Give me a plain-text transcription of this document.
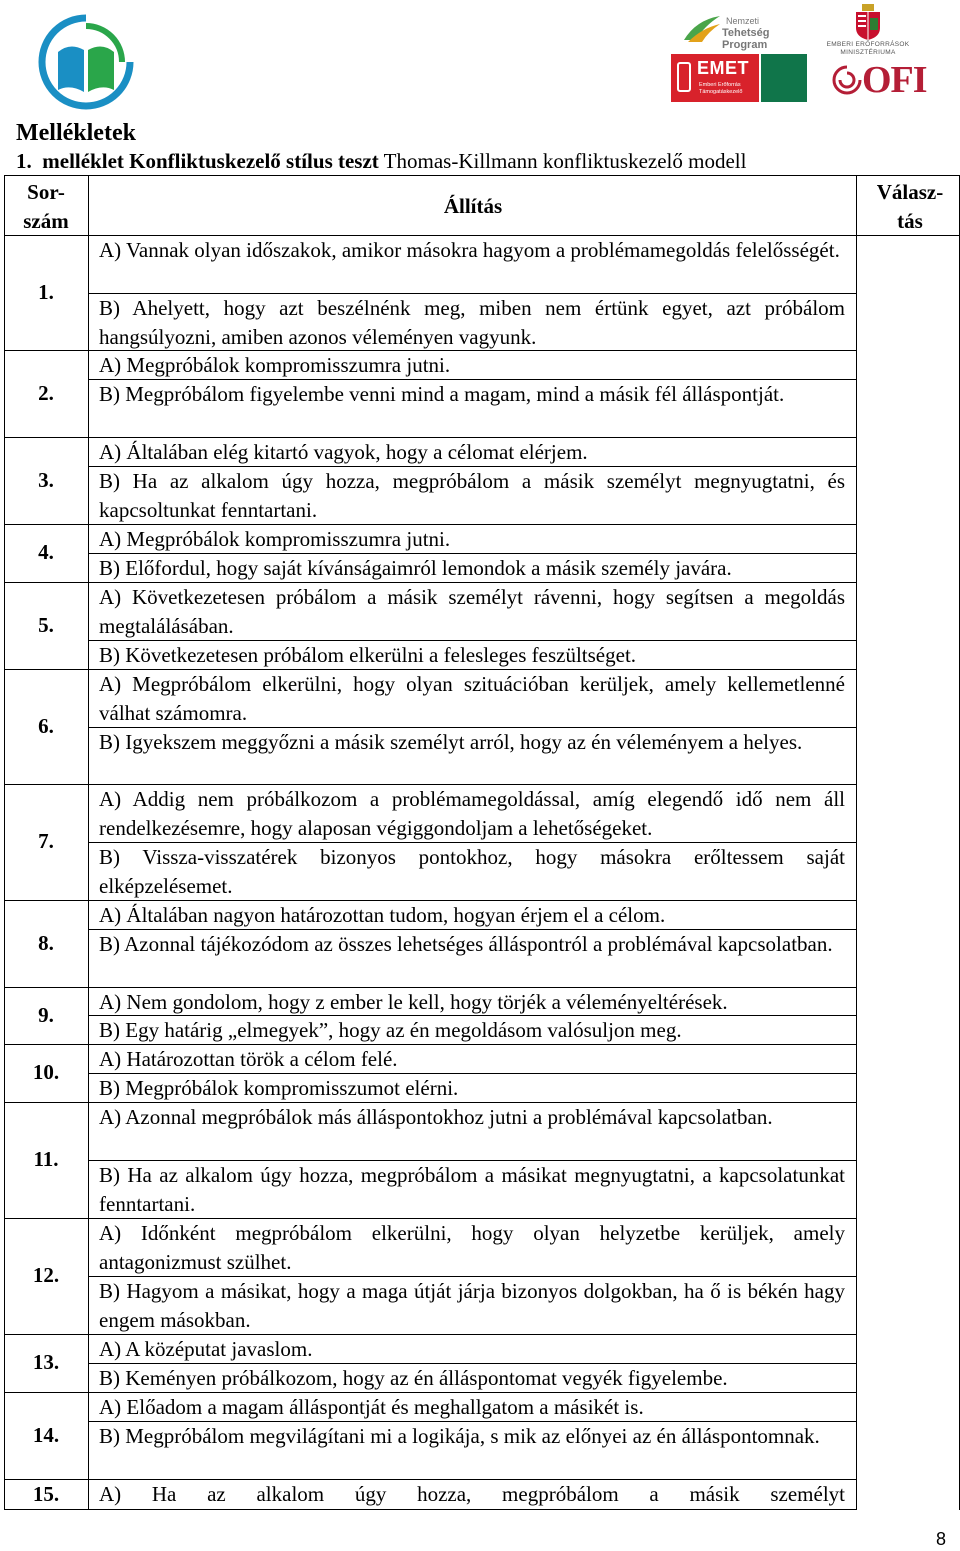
Nemzeti
Tehetség Program
EMET
Emberi Erőforrás Támogatáskezelő
EMBERI ERŐFORRÁSOK MINISZTÉRIUMA
OFI
Mellékletek
1. melléklet Konfliktuskezelő stílus teszt Thomas-Killmann konfliktuskezelő modell
Sor-
szám
Állítás
Válasz-
tás
1.
A) Vannak olyan időszakok, amikor másokra hagyom a problémamegoldás felelősségét.
B) Ahelyett, hogy azt beszélnénk meg, miben nem értünk egyet, azt próbálom hangsúlyozni, amiben azonos véleményen vagyunk.
2.
A) Megpróbálok kompromisszumra jutni.
B) Megpróbálom figyelembe venni mind a magam, mind a másik fél álláspontját.
3.
A) Általában elég kitartó vagyok, hogy a célomat elérjem.
B) Ha az alkalom úgy hozza, megpróbálom a másik személyt megnyugtatni, és kapcsoltunkat fenntartani.
4.
A) Megpróbálok kompromisszumra jutni.
B) Előfordul, hogy saját kívánságaimról lemondok a másik személy javára.
5.
A) Következetesen próbálom a másik személyt rávenni, hogy segítsen a megoldás megtalálásában.
B) Következetesen próbálom elkerülni a felesleges feszültséget.
6.
A) Megpróbálom elkerülni, hogy olyan szituációban kerüljek, amely kellemetlenné válhat számomra.
B) Igyekszem meggyőzni a másik személyt arról, hogy az én véleményem a helyes.
7.
A) Addig nem próbálkozom a problémamegoldással, amíg elegendő idő nem áll rendelkezésemre, hogy alaposan végiggondoljam a lehetőségeket.
B) Vissza-visszatérek bizonyos pontokhoz, hogy másokra erőltessem saját elképzelésemet.
8.
A) Általában nagyon határozottan tudom, hogyan érjem el a célom.
B) Azonnal tájékozódom az összes lehetséges álláspontról a problémával kapcsolatban.
9.
A) Nem gondolom, hogy z ember le kell, hogy törjék a véleményeltérések.
B) Egy határig „elmegyek”, hogy az én megoldásom valósuljon meg.
10.
A) Határozottan török a célom felé.
B) Megpróbálok kompromisszumot elérni.
11.
A) Azonnal megpróbálok más álláspontokhoz jutni a problémával kapcsolatban.
B) Ha az alkalom úgy hozza, megpróbálom a másikat megnyugtatni, a kapcsolatunkat fenntartani.
12.
A) Időnként megpróbálom elkerülni, hogy olyan helyzetbe kerüljek, amely antagonizmust szülhet.
B) Hagyom a másikat, hogy a maga útját járja bizonyos dolgokban, ha ő is békén hagy engem másokban.
13.
A) A középutat javaslom.
B) Keményen próbálkozom, hogy az én álláspontomat vegyék figyelembe.
14.
A) Előadom a magam álláspontját és meghallgatom a másikét is.
B) Megpróbálom megvilágítani mi a logikája, s mik az előnyei az én álláspontomnak.
15.	A) Ha az alkalom úgy hozza, megpróbálom a másik személyt
8
